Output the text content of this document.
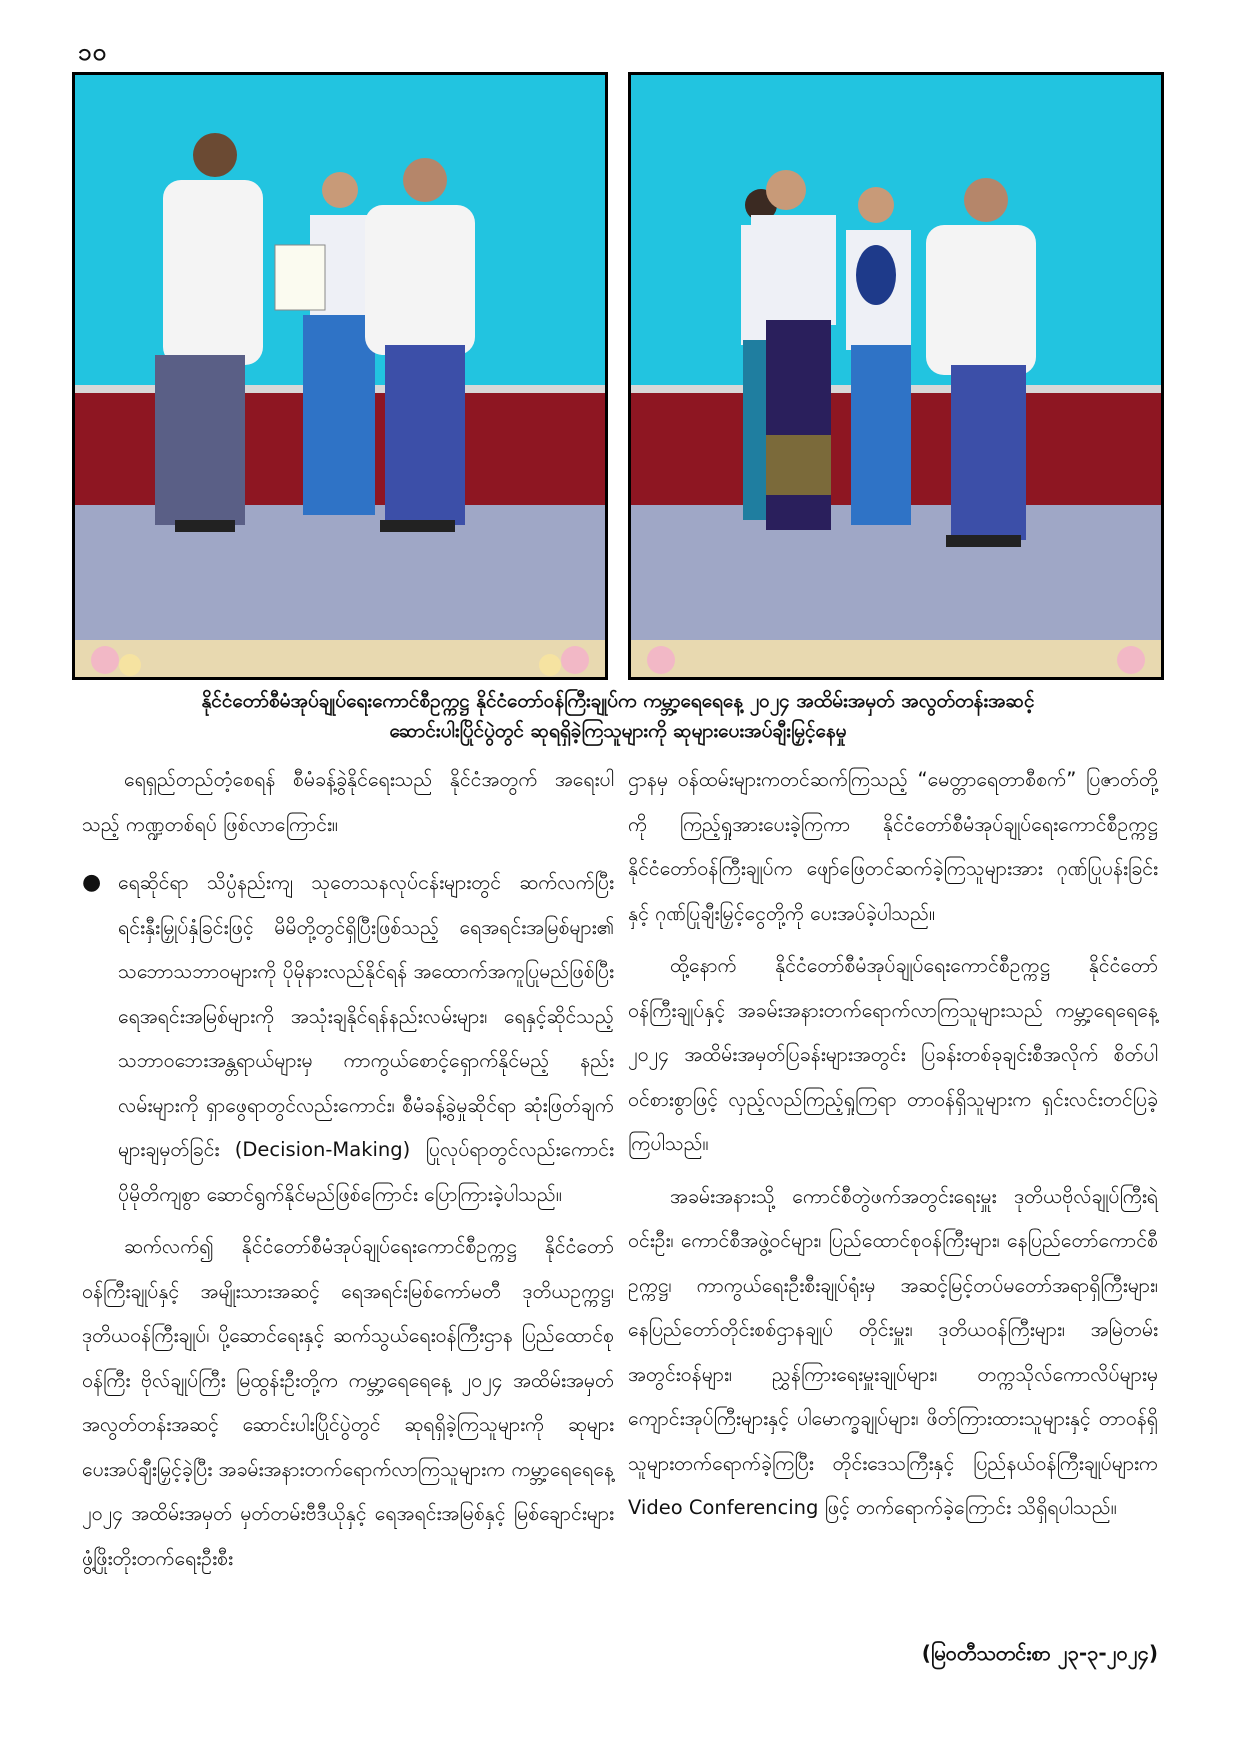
၁၀
နိုင်ငံတော်စီမံအုပ်ချုပ်ရေးကောင်စီဥက္ကဋ္ဌ နိုင်ငံတော်ဝန်ကြီးချုပ်က ကမ္ဘာ့ရေရေနေ့ ၂၀၂၄ အထိမ်းအမှတ် အလွတ်တန်းအဆင့်
ဆောင်းပါးပြိုင်ပွဲတွင် ဆုရရှိခဲ့ကြသူများကို ဆုများပေးအပ်ချီးမြှင့်နေမှု

ရေရှည်တည်တံ့စေရန် စီမံခန့်ခွဲနိုင်ရေးသည် နိုင်ငံအတွက် အရေးပါသည့် ကဏ္ဍတစ်ရပ် ဖြစ်လာကြောင်း။

● ရေဆိုင်ရာ သိပ္ပံနည်းကျ သုတေသနလုပ်ငန်းများတွင် ဆက်လက်ပြီး ရင်းနှီးမြှုပ်နှံခြင်းဖြင့် မိမိတို့တွင်ရှိပြီးဖြစ်သည့် ရေအရင်းအမြစ်များ၏ သဘောသဘာဝများကို ပိုမိုနားလည်နိုင်ရန် အထောက်အကူပြုမည်ဖြစ်ပြီး ရေအရင်းအမြစ်များကို အသုံးချနိုင်ရန်နည်းလမ်းများ၊ ရေနှင့်ဆိုင်သည့် သဘာဝဘေးအန္တရာယ်များမှ ကာကွယ်စောင့်ရှောက်နိုင်မည့် နည်းလမ်းများကို ရှာဖွေရာတွင်လည်းကောင်း၊ စီမံခန့်ခွဲမှုဆိုင်ရာ ဆုံးဖြတ်ချက်များချမှတ်ခြင်း (Decision-Making) ပြုလုပ်ရာတွင်လည်းကောင်း ပိုမိုတိကျစွာ ဆောင်ရွက်နိုင်မည်ဖြစ်ကြောင်း ပြောကြားခဲ့ပါသည်။

ဆက်လက်၍ နိုင်ငံတော်စီမံအုပ်ချုပ်ရေးကောင်စီဥက္ကဋ္ဌ နိုင်ငံတော်ဝန်ကြီးချုပ်နှင့် အမျိုးသားအဆင့် ရေအရင်းမြစ်ကော်မတီ ဒုတိယဥက္ကဋ္ဌ၊ ဒုတိယဝန်ကြီးချုပ်၊ ပို့ဆောင်ရေးနှင့် ဆက်သွယ်ရေးဝန်ကြီးဌာန ပြည်ထောင်စုဝန်ကြီး ဗိုလ်ချုပ်ကြီး မြထွန်းဦးတို့က ကမ္ဘာ့ရေရေနေ့ ၂၀၂၄ အထိမ်းအမှတ်အလွတ်တန်းအဆင့် ဆောင်းပါးပြိုင်ပွဲတွင် ဆုရရှိခဲ့ကြသူများကို ဆုများပေးအပ်ချီးမြှင့်ခဲ့ပြီး အခမ်းအနားတက်ရောက်လာကြသူများက ကမ္ဘာ့ရေရေနေ့ ၂၀၂၄ အထိမ်းအမှတ် မှတ်တမ်းဗီဒီယိုနှင့် ရေအရင်းအမြစ်နှင့် မြစ်ချောင်းများ ဖွံ့ဖြိုးတိုးတက်ရေးဦးစီး

ဌာနမှ ဝန်ထမ်းများကတင်ဆက်ကြသည့် “မေတ္တာရေတာစီစက်” ပြဇာတ်တို့ကို ကြည့်ရှုအားပေးခဲ့ကြကာ နိုင်ငံတော်စီမံအုပ်ချုပ်ရေးကောင်စီဥက္ကဋ္ဌ နိုင်ငံတော်ဝန်ကြီးချုပ်က ဖျော်ဖြေတင်ဆက်ခဲ့ကြသူများအား ဂုဏ်ပြုပန်းခြင်းနှင့် ဂုဏ်ပြုချီးမြှင့်ငွေတို့ကို ပေးအပ်ခဲ့ပါသည်။

ထို့နောက် နိုင်ငံတော်စီမံအုပ်ချုပ်ရေးကောင်စီဥက္ကဋ္ဌ နိုင်ငံတော်ဝန်ကြီးချုပ်နှင့် အခမ်းအနားတက်ရောက်လာကြသူများသည် ကမ္ဘာ့ရေရေနေ့ ၂၀၂၄ အထိမ်းအမှတ်ပြခန်းများအတွင်း ပြခန်းတစ်ခုချင်းစီအလိုက် စိတ်ပါဝင်စားစွာဖြင့် လှည့်လည်ကြည့်ရှုကြရာ တာဝန်ရှိသူများက ရှင်းလင်းတင်ပြခဲ့ကြပါသည်။

အခမ်းအနားသို့ ကောင်စီတွဲဖက်အတွင်းရေးမှူး ဒုတိယဗိုလ်ချုပ်ကြီးရဲဝင်းဦး၊ ကောင်စီအဖွဲ့ဝင်များ၊ ပြည်ထောင်စုဝန်ကြီးများ၊ နေပြည်တော်ကောင်စီဥက္ကဋ္ဌ၊ ကာကွယ်ရေးဦးစီးချုပ်ရုံးမှ အဆင့်မြင့်တပ်မတော်အရာရှိကြီးများ၊ နေပြည်တော်တိုင်းစစ်ဌာနချုပ် တိုင်းမှူး၊ ဒုတိယဝန်ကြီးများ၊ အမြဲတမ်းအတွင်းဝန်များ၊ ညွှန်ကြားရေးမှူးချုပ်များ၊ တက္ကသိုလ်ကောလိပ်များမှ ကျောင်းအုပ်ကြီးများနှင့် ပါမောက္ခချုပ်များ၊ ဖိတ်ကြားထားသူများနှင့် တာဝန်ရှိသူများတက်ရောက်ခဲ့ကြပြီး တိုင်းဒေသကြီးနှင့် ပြည်နယ်ဝန်ကြီးချုပ်များက Video Conferencing ဖြင့် တက်ရောက်ခဲ့ကြောင်း သိရှိရပါသည်။

(မြဝတီသတင်းစာ ၂၃-၃-၂၀၂၄)
